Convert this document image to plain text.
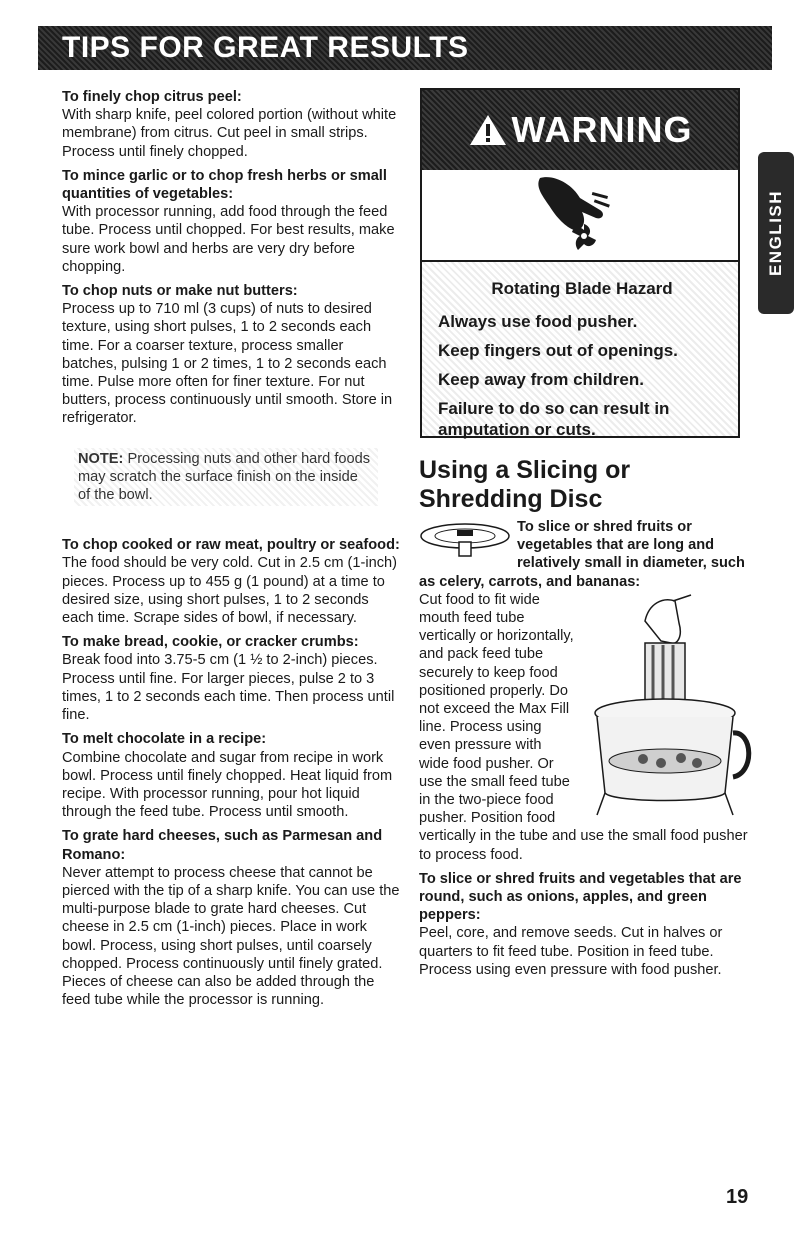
TIPS FOR GREAT RESULTS
ENGLISH

To finely chop citrus peel:

With sharp knife, peel colored portion (without white membrane) from citrus. Cut peel in small strips. Process until finely chopped.

To mince garlic or to chop fresh herbs or small quantities of vegetables:

With processor running, add food through the feed tube. Process until chopped. For best results, make sure work bowl and herbs are very dry before chopping.

To chop nuts or make nut butters:

Process up to 710 ml (3 cups) of nuts to desired texture, using short pulses, 1 to 2 seconds each time. For a coarser texture, process smaller batches, pulsing 1 or 2 times, 1 to 2 seconds each time. Pulse more often for finer texture. For nut butters, process continuously until smooth. Store in refrigerator.

NOTE: Processing nuts and other hard foods may scratch the surface finish on the inside of the bowl.

To chop cooked or raw meat, poultry or seafood:

The food should be very cold. Cut in 2.5 cm (1-inch) pieces. Process up to 455 g (1 pound) at a time to desired size, using short pulses, 1 to 2 seconds each time. Scrape sides of bowl, if necessary.

To make bread, cookie, or cracker crumbs:

Break food into 3.75-5 cm (1 ½ to 2-inch) pieces. Process until fine. For larger pieces, pulse 2 to 3 times, 1 to 2 seconds each time. Then process until fine.

To melt chocolate in a recipe:

Combine chocolate and sugar from recipe in work bowl. Process until finely chopped. Heat liquid from recipe. With processor running, pour hot liquid through the feed tube. Process until smooth.

To grate hard cheeses, such as Parmesan and Romano:

Never attempt to process cheese that cannot be pierced with the tip of a sharp knife. You can use the multi-purpose blade to grate hard cheeses. Cut cheese in 2.5 cm (1-inch) pieces. Place in work bowl. Process, using short pulses, until coarsely chopped. Process continuously until finely grated. Pieces of cheese can also be added through the feed tube while the processor is running.

WARNING
Rotating Blade Hazard
Always use food pusher.
Keep fingers out of openings.
Keep away from children.
Failure to do so can result in amputation or cuts.

Using a Slicing or Shredding Disc

To slice or shred fruits or vegetables that are long and relatively small in diameter, such as celery, carrots, and bananas:

Cut food to fit wide mouth feed tube vertically or horizontally, and pack feed tube securely to keep food positioned properly. Do not exceed the Max Fill line. Process using even pressure with wide food pusher. Or use the small feed tube in the two-piece food pusher. Position food vertically in the tube and use the small food pusher to process food.

To slice or shred fruits and vegetables that are round, such as onions, apples, and green peppers:

Peel, core, and remove seeds. Cut in halves or quarters to fit feed tube. Position in feed tube. Process using even pressure with food pusher.

19
